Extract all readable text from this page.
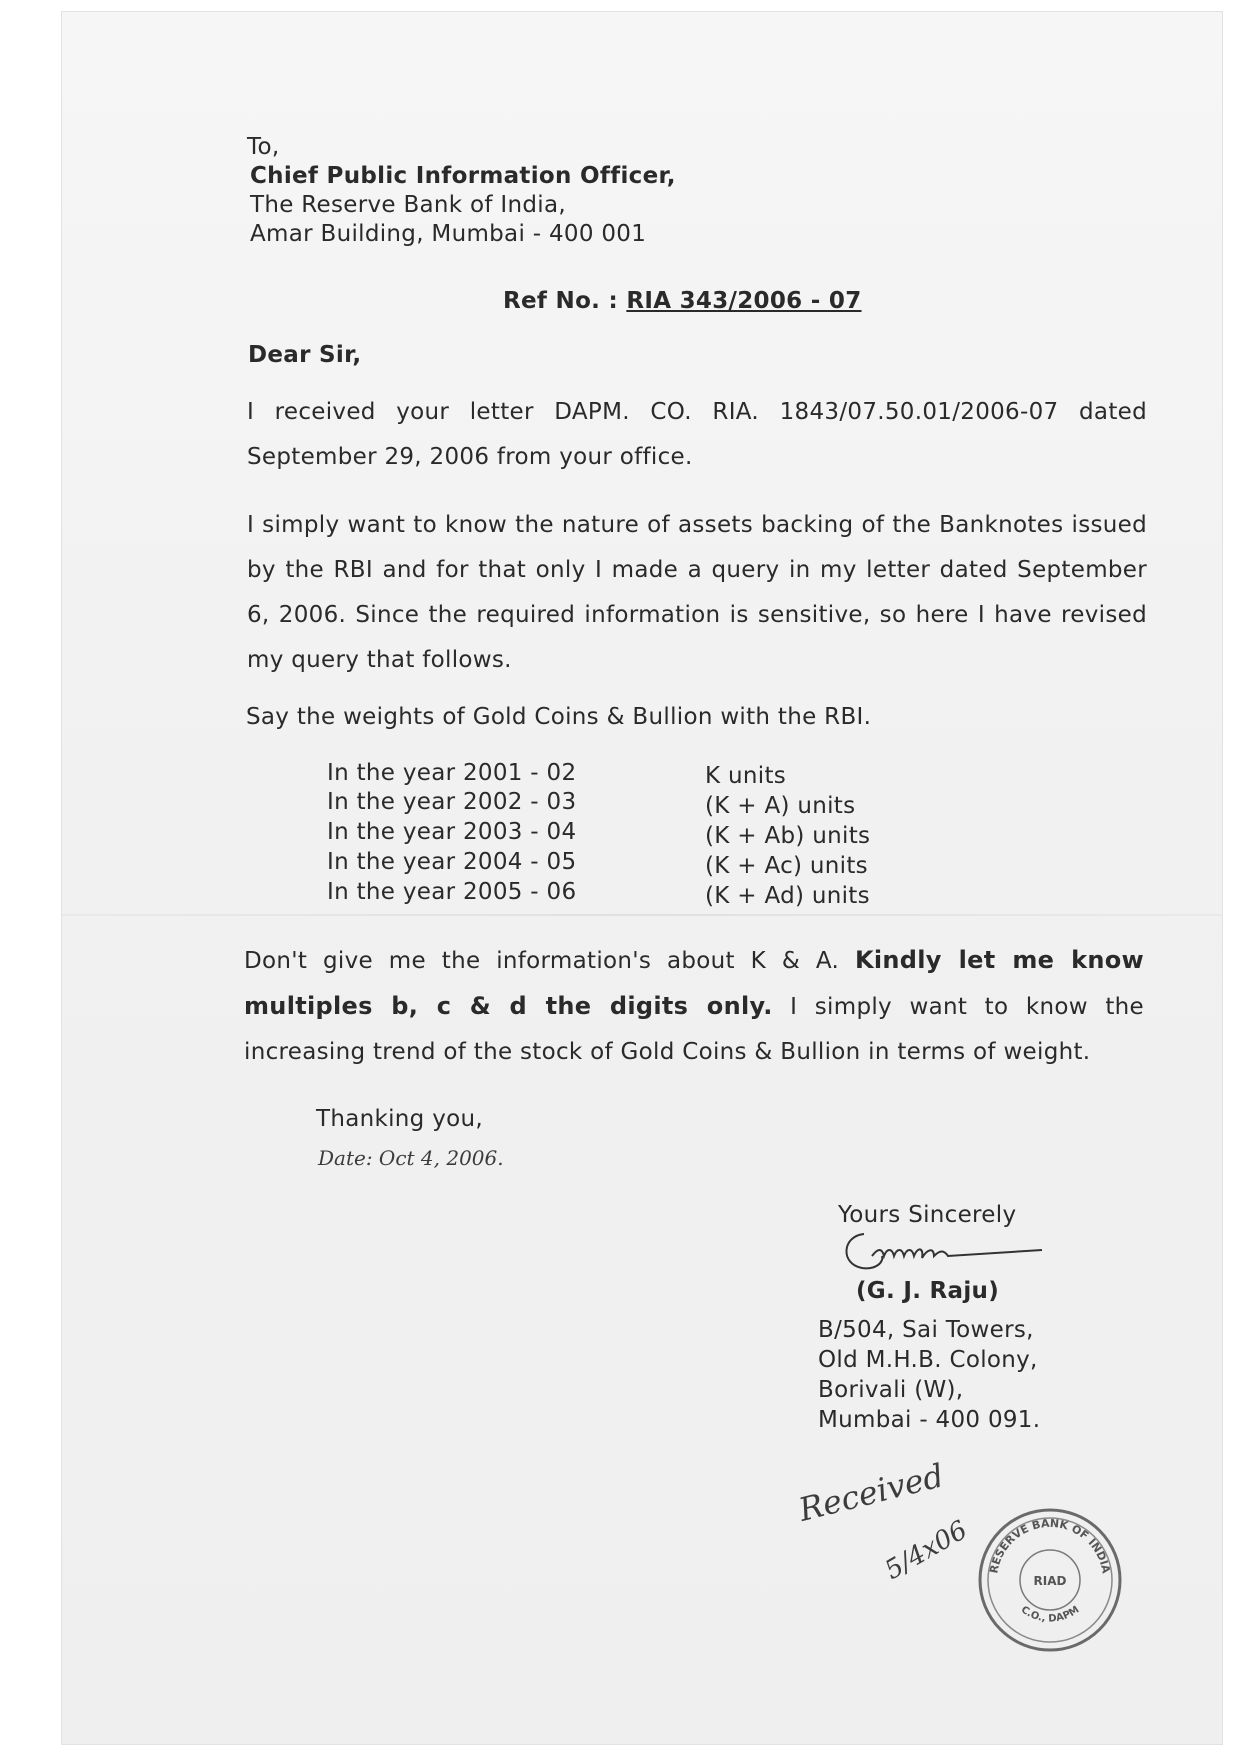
To,
Chief Public Information Officer,
The Reserve Bank of India,
Amar Building, Mumbai - 400 001
Ref No. : RIA 343/2006 - 07
Dear Sir,

I received your letter DAPM. CO. RIA. 1843/07.50.01/2006-07 dated September 29, 2006 from your office.

I simply want to know the nature of assets backing of the Banknotes issued by the RBI and for that only I made a query in my letter dated September 6, 2006. Since the required information is sensitive, so here I have revised my query that follows.

Say the weights of Gold Coins & Bullion with the RBI.
In the year 2001 - 02	K units
In the year 2002 - 03	(K + A) units
In the year 2003 - 04	(K + Ab) units
In the year 2004 - 05	(K + Ac) units
In the year 2005 - 06	(K + Ad) units

Don't give me the information's about K & A. Kindly let me know multiples b, c & d the digits only. I simply want to know the increasing trend of the stock of Gold Coins & Bullion in terms of weight.

Thanking you,
Date: Oct 4, 2006.
Yours Sincerely
(G. J. Raju)
B/504, Sai Towers,
Old M.H.B. Colony,
Borivali (W),
Mumbai - 400 091.
Received
5/4x06 RESERVE BANK OF INDIA
RIAD
C.O., DAPM
